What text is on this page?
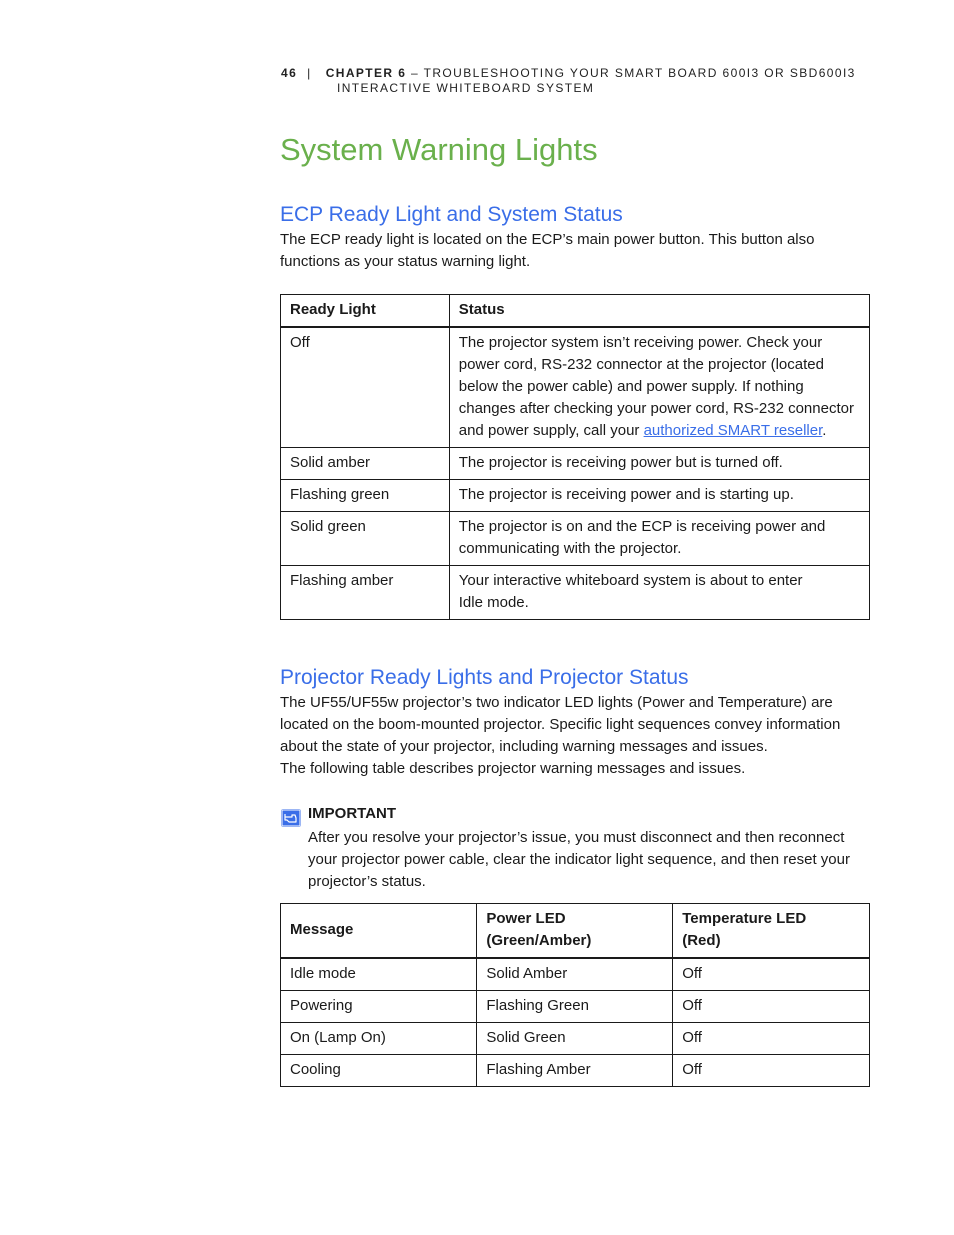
46 | CHAPTER 6 – TROUBLESHOOTING YOUR SMART BOARD 600I3 OR SBD600I3
INTERACTIVE WHITEBOARD SYSTEM
System Warning Lights
ECP Ready Light and System Status

The ECP ready light is located on the ECP’s main power button. This button also functions as your status warning light.

Ready Light	Status
Off	The projector system isn’t receiving power. Check your power cord, RS-232 connector at the projector (located below the power cable) and power supply. If nothing changes after checking your power cord, RS-232 connector and power supply, call your authorized SMART reseller.
Solid amber	The projector is receiving power but is turned off.
Flashing green	The projector is receiving power and is starting up.
Solid green	The projector is on and the ECP is receiving power and communicating with the projector.
Flashing amber	Your interactive whiteboard system is about to enter Idle mode.
Projector Ready Lights and Projector Status

The UF55/UF55w projector’s two indicator LED lights (Power and Temperature) are located on the boom-mounted projector. Specific light sequences convey information about the state of your projector, including warning messages and issues.

The following table describes projector warning messages and issues.

IMPORTANT

After you resolve your projector’s issue, you must disconnect and then reconnect your projector power cable, clear the indicator light sequence, and then reset your projector’s status.

Message	Power LED (Green/Amber)	Temperature LED (Red)
Idle mode	Solid Amber	Off
Powering	Flashing Green	Off
On (Lamp On)	Solid Green	Off
Cooling	Flashing Amber	Off
